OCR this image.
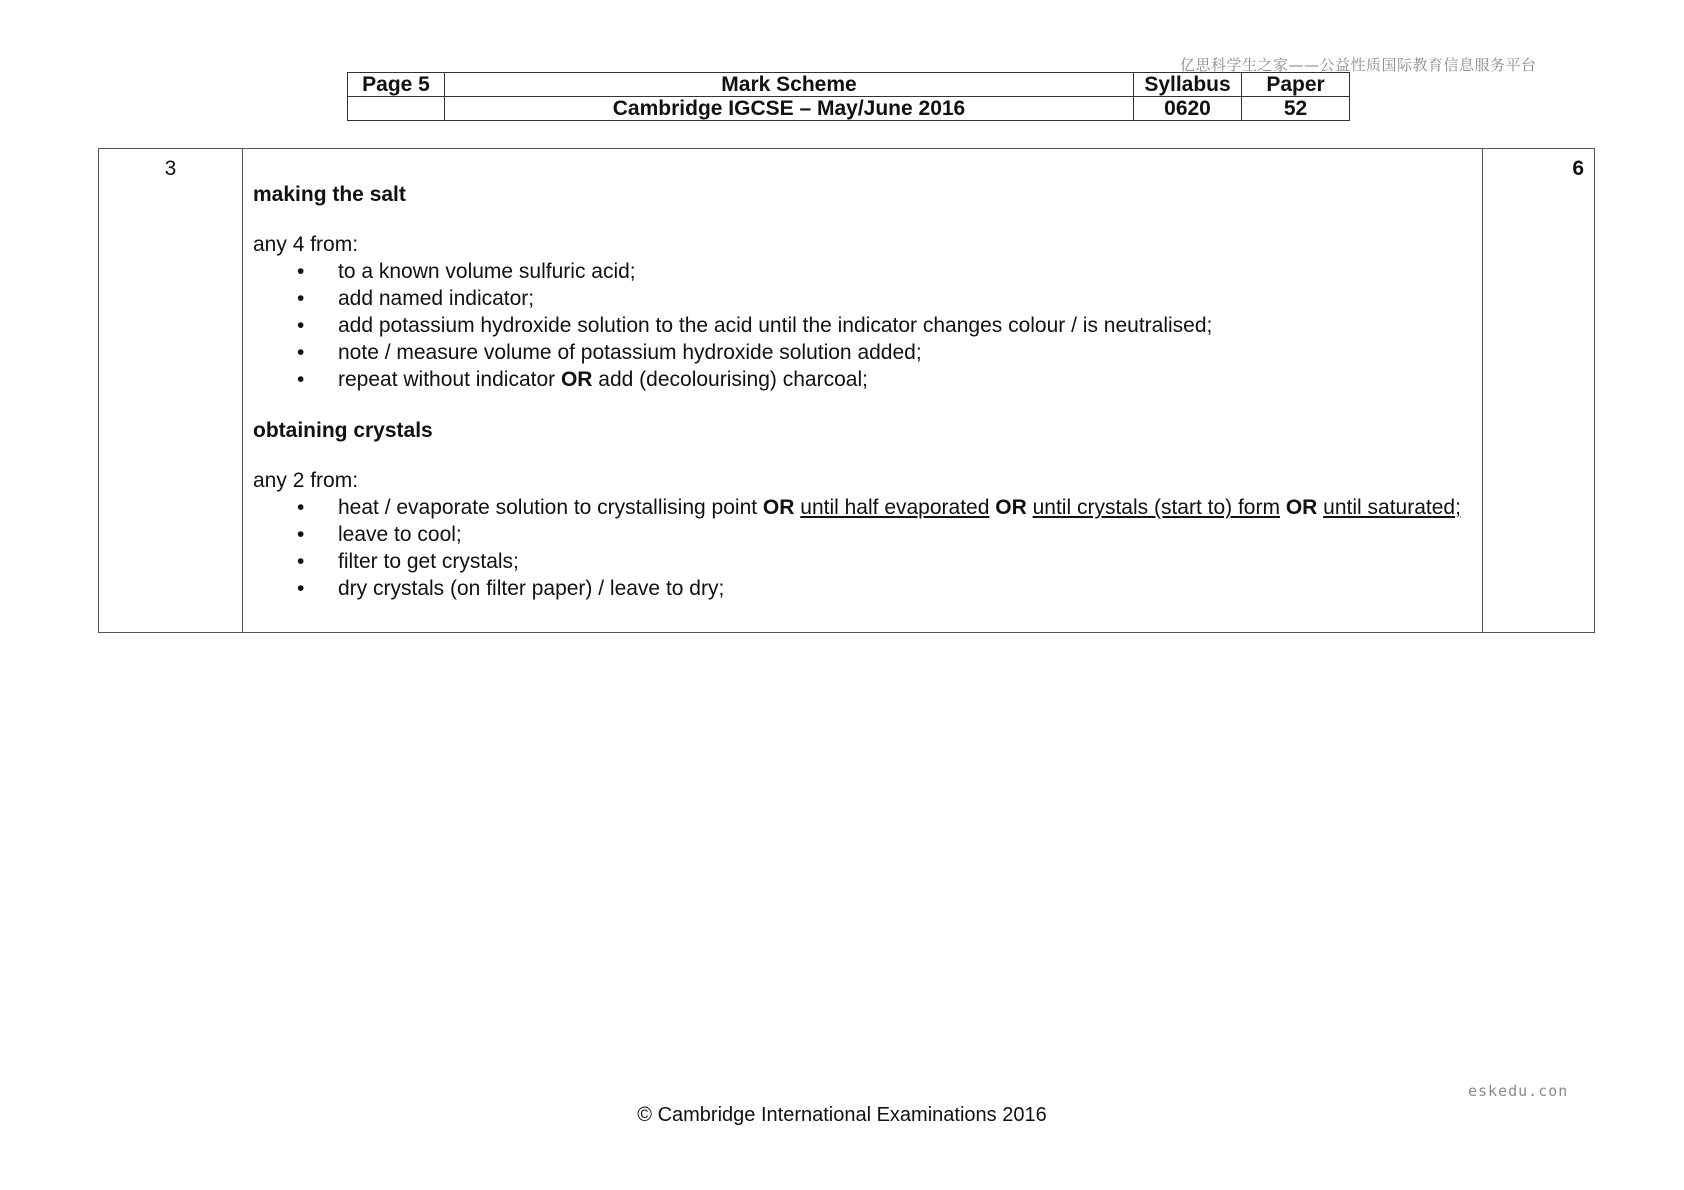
亿思科学生之家——公益性质国际教育信息服务平台
Page 5	Mark Scheme	Syllabus	Paper
	Cambridge IGCSE – May/June 2016	0620	52
3	

making the salt

any 4 from:

• to a known volume sulfuric acid;
• add named indicator;
• add potassium hydroxide solution to the acid until the indicator changes colour / is neutralised;
• note / measure volume of potassium hydroxide solution added;
• repeat without indicator OR add (decolourising) charcoal;

obtaining crystals

any 2 from:

• heat / evaporate solution to crystallising point OR until half evaporated OR until crystals (start to) form OR until saturated;
• leave to cool;
• filter to get crystals;
• dry crystals (on filter paper) / leave to dry;
	6
eskedu.con
© Cambridge International Examinations 2016
